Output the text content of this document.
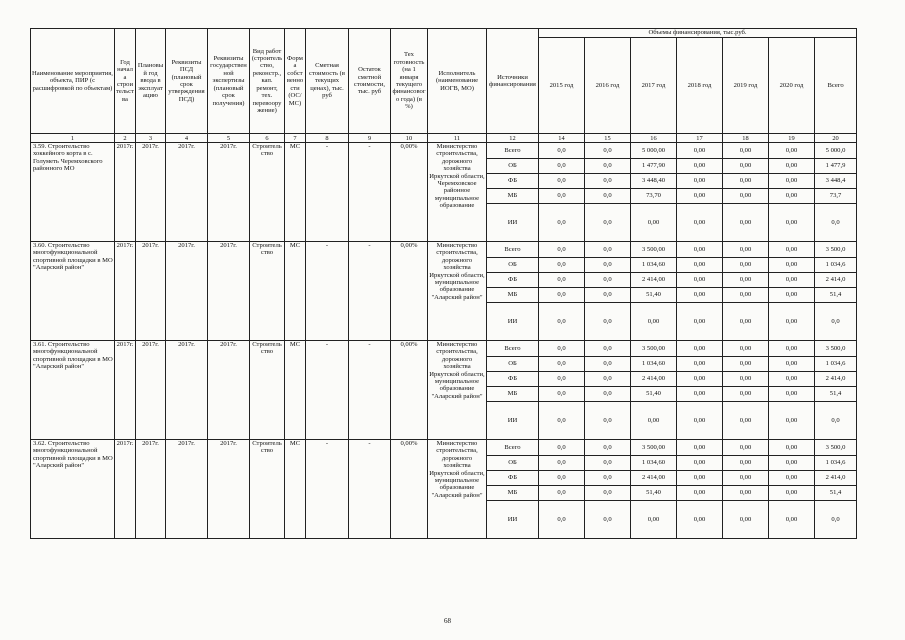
Наименование мероприятия, объекта, ПИР (с расшифровкой по объектам)	Год начала строительства	Плановый год ввода в эксплуатацию	Реквизиты ПСД (плановый срок утверждения ПСД)	Реквизиты государственной экспертизы (плановый срок получения)	Вид работ (строительство, реконстр., кап. ремонт, тех. перевооружение)	Форма собственности (ОС/МС)	Сметная стоимость (в текущих ценах), тыс. руб	Остаток сметной стоимости, тыс. руб	Тех готовность (на 1 января текущего финансового года) (в %)	Исполнитель (наименование ИОГВ, МО)	Источники финансирования	Объемы финансирования, тыс.руб.						
												2015 год	2016 год	2017 год	2018 год	2019 год	2020 год	Всего
1	2	3	4	5	6	7	8	9	10	11	12	14	15	16	17	18	19	20
3.59. Строительство хоккейного корта в с. Голуметь Черемховского районного МО	2017г.	2017г.	2017г.	2017г.	Строительство	МС	-	-	0,00%	Министерство строительства, дорожного хозяйства Иркутской области, Черемховское районное муниципальное образование	Всего	0,0	0,0	5 000,00	0,00	0,00	0,00	5 000,0
											ОБ	0,0	0,0	1 477,90	0,00	0,00	0,00	1 477,9
											ФБ	0,0	0,0	3 448,40	0,00	0,00	0,00	3 448,4
											МБ	0,0	0,0	73,70	0,00	0,00	0,00	73,7
											ИИ	0,0	0,0	0,00	0,00	0,00	0,00	0,0
3.60. Строительство многофункциональной спортивной площадки в МО "Аларский район"	2017г.	2017г.	2017г.	2017г.	Строительство	МС	-	-	0,00%	Министерство строительства, дорожного хозяйства Иркутской области, муниципальное образование "Аларский район"	Всего	0,0	0,0	3 500,00	0,00	0,00	0,00	3 500,0
											ОБ	0,0	0,0	1 034,60	0,00	0,00	0,00	1 034,6
											ФБ	0,0	0,0	2 414,00	0,00	0,00	0,00	2 414,0
											МБ	0,0	0,0	51,40	0,00	0,00	0,00	51,4
											ИИ	0,0	0,0	0,00	0,00	0,00	0,00	0,0
3.61. Строительство многофункциональной спортивной площадки в МО "Аларский район"	2017г.	2017г.	2017г.	2017г.	Строительство	МС	-	-	0,00%	Министерство строительства, дорожного хозяйства Иркутской области, муниципальное образование "Аларский район"	Всего	0,0	0,0	3 500,00	0,00	0,00	0,00	3 500,0
											ОБ	0,0	0,0	1 034,60	0,00	0,00	0,00	1 034,6
											ФБ	0,0	0,0	2 414,00	0,00	0,00	0,00	2 414,0
											МБ	0,0	0,0	51,40	0,00	0,00	0,00	51,4
											ИИ	0,0	0,0	0,00	0,00	0,00	0,00	0,0
3.62. Строительство многофункциональной спортивной площадки в МО "Аларский район"	2017г.	2017г.	2017г.	2017г.	Строительство	МС	-	-	0,00%	Министерство строительства, дорожного хозяйства Иркутской области, муниципальное образование "Аларский район"	Всего	0,0	0,0	3 500,00	0,00	0,00	0,00	3 500,0
											ОБ	0,0	0,0	1 034,60	0,00	0,00	0,00	1 034,6
											ФБ	0,0	0,0	2 414,00	0,00	0,00	0,00	2 414,0
											МБ	0,0	0,0	51,40	0,00	0,00	0,00	51,4
											ИИ	0,0	0,0	0,00	0,00	0,00	0,00	0,0
68
